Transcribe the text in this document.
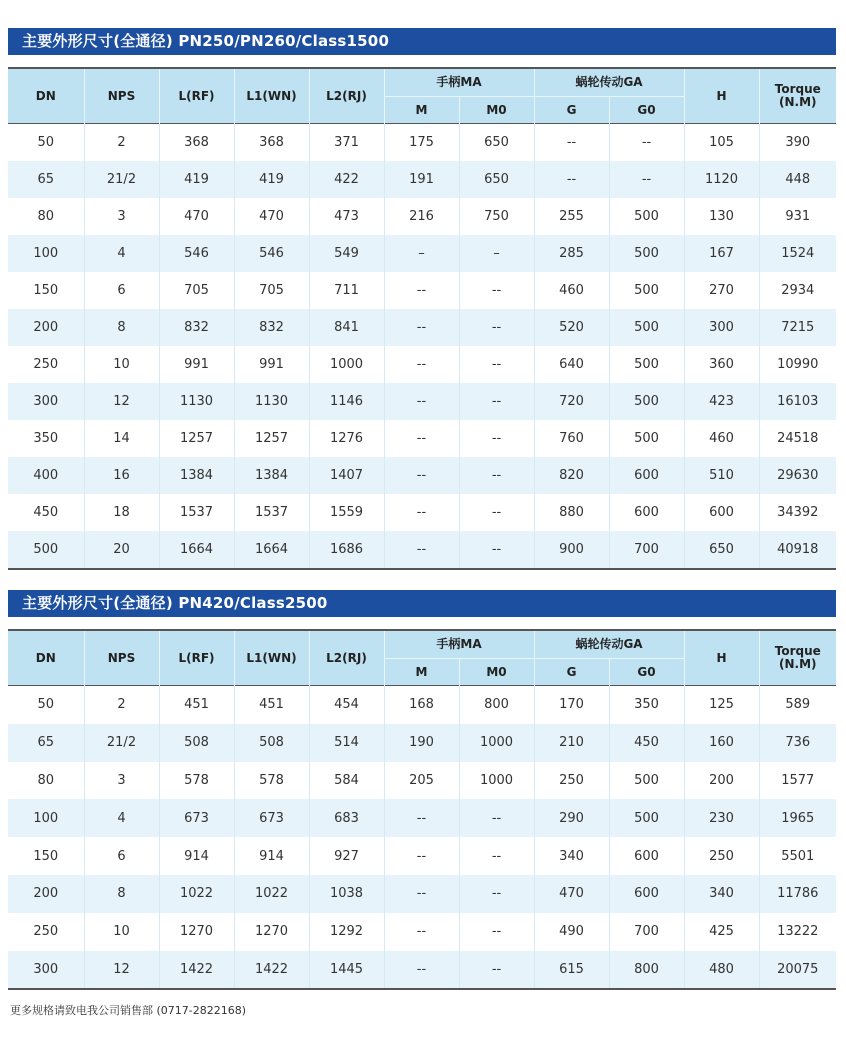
主要外形尺寸(全通径) PN250/PN260/Class1500
DN	NPS	L(RF)	L1(WN)	L2(RJ)	手柄MA		蜗轮传动GA		H	Torque (N.M)
					M	M0	G	G0		
50	2	368	368	371	175	650	--	--	105	390
65	21/2	419	419	422	191	650	--	--	1120	448
80	3	470	470	473	216	750	255	500	130	931
100	4	546	546	549	–	–	285	500	167	1524
150	6	705	705	711	--	--	460	500	270	2934
200	8	832	832	841	--	--	520	500	300	7215
250	10	991	991	1000	--	--	640	500	360	10990
300	12	1130	1130	1146	--	--	720	500	423	16103
350	14	1257	1257	1276	--	--	760	500	460	24518
400	16	1384	1384	1407	--	--	820	600	510	29630
450	18	1537	1537	1559	--	--	880	600	600	34392
500	20	1664	1664	1686	--	--	900	700	650	40918
主要外形尺寸(全通径) PN420/Class2500
DN	NPS	L(RF)	L1(WN)	L2(RJ)	手柄MA		蜗轮传动GA		H	Torque (N.M)
					M	M0	G	G0		
50	2	451	451	454	168	800	170	350	125	589
65	21/2	508	508	514	190	1000	210	450	160	736
80	3	578	578	584	205	1000	250	500	200	1577
100	4	673	673	683	--	--	290	500	230	1965
150	6	914	914	927	--	--	340	600	250	5501
200	8	1022	1022	1038	--	--	470	600	340	11786
250	10	1270	1270	1292	--	--	490	700	425	13222
300	12	1422	1422	1445	--	--	615	800	480	20075
更多规格请致电我公司销售部 (0717-2822168)
